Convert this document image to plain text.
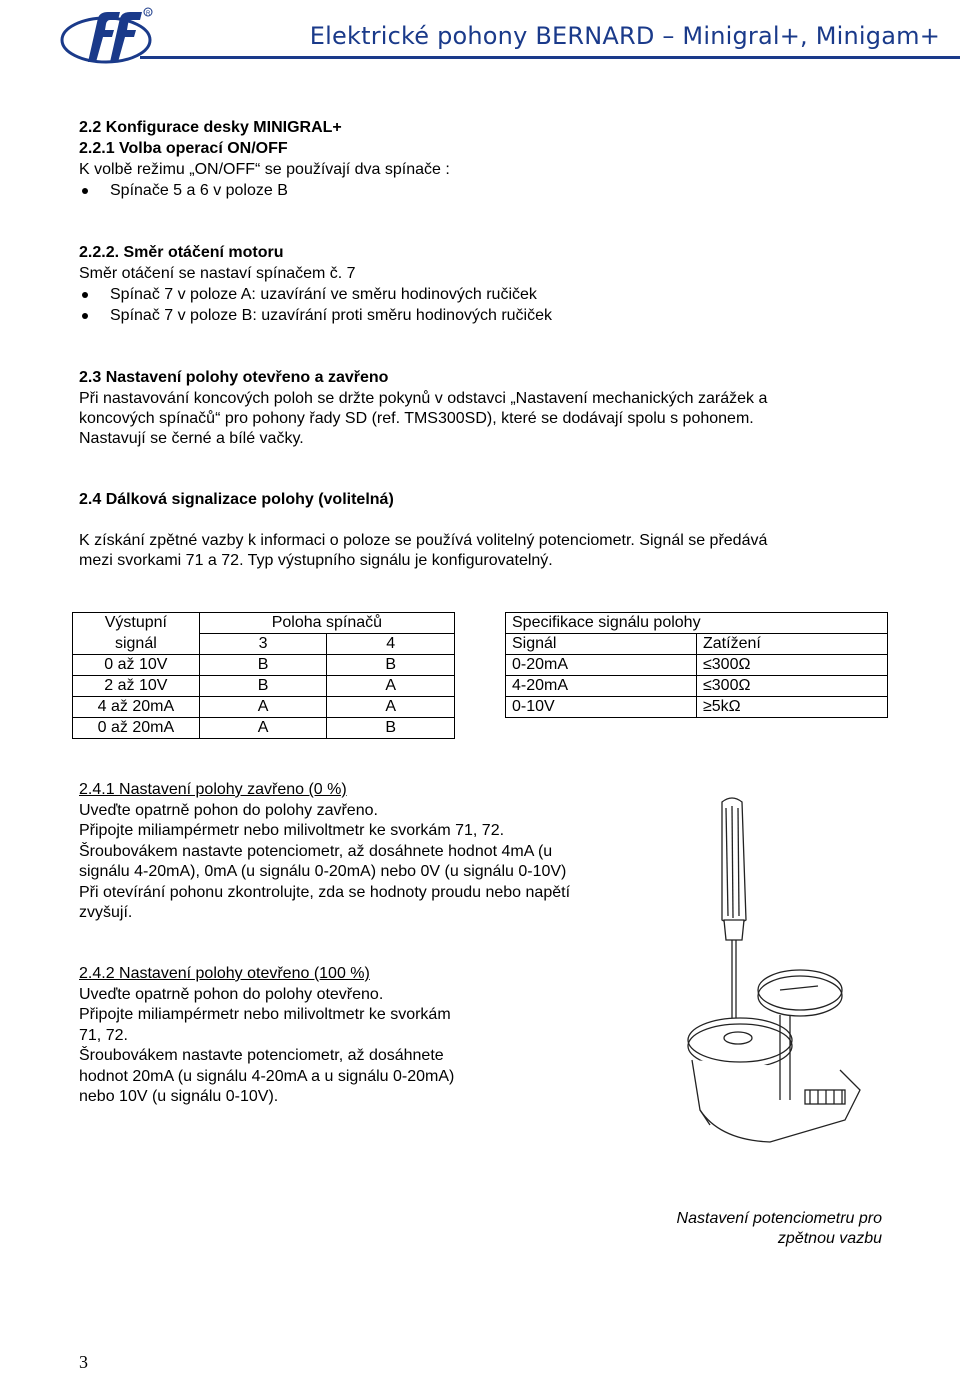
R
Elektrické pohony BERNARD – Minigral+, Minigam+
2.2 Konfigurace desky MINIGRAL+
2.2.1 Volba operací ON/OFF
K volbě režimu „ON/OFF“ se používají dva spínače :
Spínače 5 a 6 v poloze B
2.2.2. Směr otáčení motoru
Směr otáčení se nastaví spínačem č. 7
Spínač 7 v poloze A: uzavírání ve směru hodinových ručiček
Spínač 7 v poloze B: uzavírání proti směru hodinových ručiček
2.3 Nastavení polohy otevřeno a zavřeno
Při nastavování koncových poloh se držte pokynů v odstavci „Nastavení mechanických zarážek a
koncových spínačů“ pro pohony řady SD (ref. TMS300SD), které se dodávají spolu s pohonem.
Nastavují se černé a bílé vačky.
2.4 Dálková signalizace polohy (volitelná)
K získání zpětné vazby k informaci o poloze se používá volitelný potenciometr. Signál se předává
mezi svorkami 71 a 72. Typ výstupního signálu je konfigurovatelný.
Výstupní	Poloha spínačů	
signál	3	4
0 až 10V	B	B
2 až 10V	B	A
4 až 20mA	A	A
0 až 20mA	A	B
Specifikace signálu polohy	
Signál	Zatížení
0-20mA	≤300Ω
4-20mA	≤300Ω
0-10V	≥5kΩ
2.4.1 Nastavení polohy zavřeno (0 %)
Uveďte opatrně pohon do polohy zavřeno.
Připojte miliampérmetr nebo milivoltmetr ke svorkám 71, 72.
Šroubovákem nastavte potenciometr, až dosáhnete hodnot 4mA (u
signálu 4-20mA), 0mA (u signálu 0-20mA) nebo 0V (u signálu 0-10V)
Při otevírání pohonu zkontrolujte, zda se hodnoty proudu nebo napětí
zvyšují.
2.4.2 Nastavení polohy otevřeno (100 %)
Uveďte opatrně pohon do polohy otevřeno.
Připojte miliampérmetr nebo milivoltmetr ke svorkám
71, 72.
Šroubovákem nastavte potenciometr, až dosáhnete
hodnot 20mA (u signálu 4-20mA a u signálu 0-20mA)
nebo 10V (u signálu 0-10V).
Nastavení potenciometru pro
zpětnou vazbu
3
